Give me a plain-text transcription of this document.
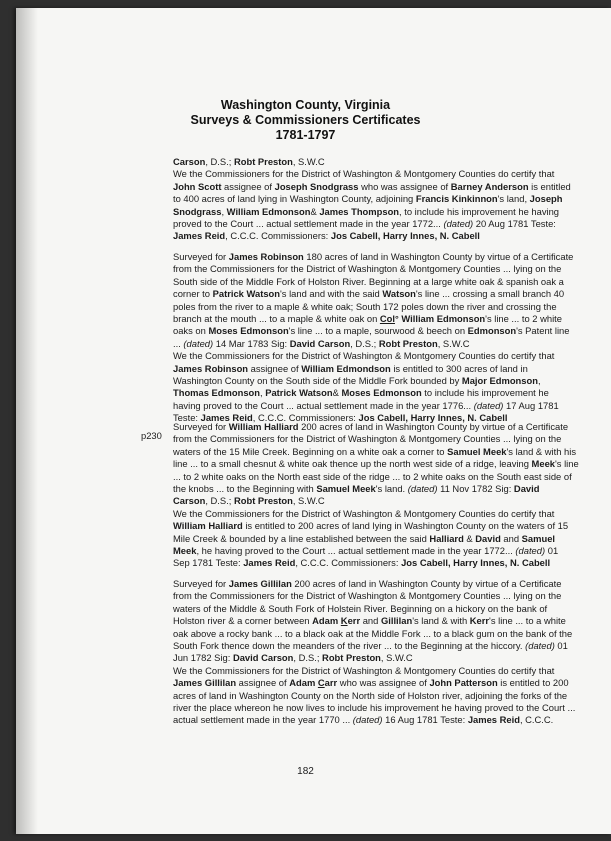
Washington County, Virginia
Surveys & Commissioners Certificates
1781-1797
p230
Carson, D.S.; Robt Preston, S.W.C
We the Commissioners for the District of Washington & Montgomery Counties do certify that
John Scott assignee of Joseph Snodgrass who was assignee of Barney Anderson is entitled
to 400 acres of land lying in Washington County, adjoining Francis Kinkinnon's land, Joseph
Snodgrass, William Edmonson& James Thompson, to include his improvement he having
proved to the Court ... actual settlement made in the year 1772... (dated) 20 Aug 1781 Teste:
James Reid, C.C.C. Commissioners: Jos Cabell, Harry Innes, N. Cabell
Surveyed for James Robinson 180 acres of land in Washington County by virtue of a Certificate
from the Commissioners for the District of Washington & Montgomery Counties ... lying on the
South side of the Middle Fork of Holston River. Beginning at a large white oak & spanish oak a
corner to Patrick Watson's land and with the said Watson's line ... crossing a small branch 40
poles from the river to a maple & white oak; South 172 poles down the river and crossing the
branch at the mouth ... to a maple & white oak on Col° William Edmonson's line ... to 2 white
oaks on Moses Edmonson's line ... to a maple, sourwood & beech on Edmonson's Patent line
... (dated) 14 Mar 1783 Sig: David Carson, D.S.; Robt Preston, S.W.C
We the Commissioners for the District of Washington & Montgomery Counties do certify that
James Robinson assignee of William Edmondson is entitled to 300 acres of land in
Washington County on the South side of the Middle Fork bounded by Major Edmonson,
Thomas Edmonson, Patrick Watson& Moses Edmonson to include his improvement he
having proved to the Court ... actual settlement made in the year 1776... (dated) 17 Aug 1781
Teste: James Reid, C.C.C. Commissioners: Jos Cabell, Harry Innes, N. Cabell
Surveyed for William Halliard 200 acres of land in Washington County by virtue of a Certificate
from the Commissioners for the District of Washington & Montgomery Counties ... lying on the
waters of the 15 Mile Creek. Beginning on a white oak a corner to Samuel Meek's land & with his
line ... to a small chesnut & white oak thence up the north west side of a ridge, leaving Meek's line
... to 2 white oaks on the North east side of the ridge ... to 2 white oaks on the South east side of
the knobs ... to the Beginning with Samuel Meek's land. (dated) 11 Nov 1782 Sig: David
Carson, D.S.; Robt Preston, S.W.C
We the Commissioners for the District of Washington & Montgomery Counties do certify that
William Halliard is entitled to 200 acres of land lying in Washington County on the waters of 15
Mile Creek & bounded by a line established between the said Halliard & David and Samuel
Meek, he having proved to the Court ... actual settlement made in the year 1772... (dated) 01
Sep 1781 Teste: James Reid, C.C.C. Commissioners: Jos Cabell, Harry Innes, N. Cabell
Surveyed for James Gillilan 200 acres of land in Washington County by virtue of a Certificate
from the Commissioners for the District of Washington & Montgomery Counties ... lying on the
waters of the Middle & South Fork of Holstein River. Beginning on a hickory on the bank of
Holston river & a corner between Adam Kerr and Gillilan's land & with Kerr's line ... to a white
oak above a rocky bank ... to a black oak at the Middle Fork ... to a black gum on the bank of the
South Fork thence down the meanders of the river ... to the Beginning at the hiccory. (dated) 01
Jun 1782 Sig: David Carson, D.S.; Robt Preston, S.W.C
We the Commissioners for the District of Washington & Montgomery Counties do certify that
James Gillilan assignee of Adam Carr who was assignee of John Patterson is entitled to 200
acres of land in Washington County on the North side of Holston river, adjoining the forks of the
river the place whereon he now lives to include his improvement he having proved to the Court ...
actual settlement made in the year 1770 ... (dated) 16 Aug 1781 Teste: James Reid, C.C.C.
182
